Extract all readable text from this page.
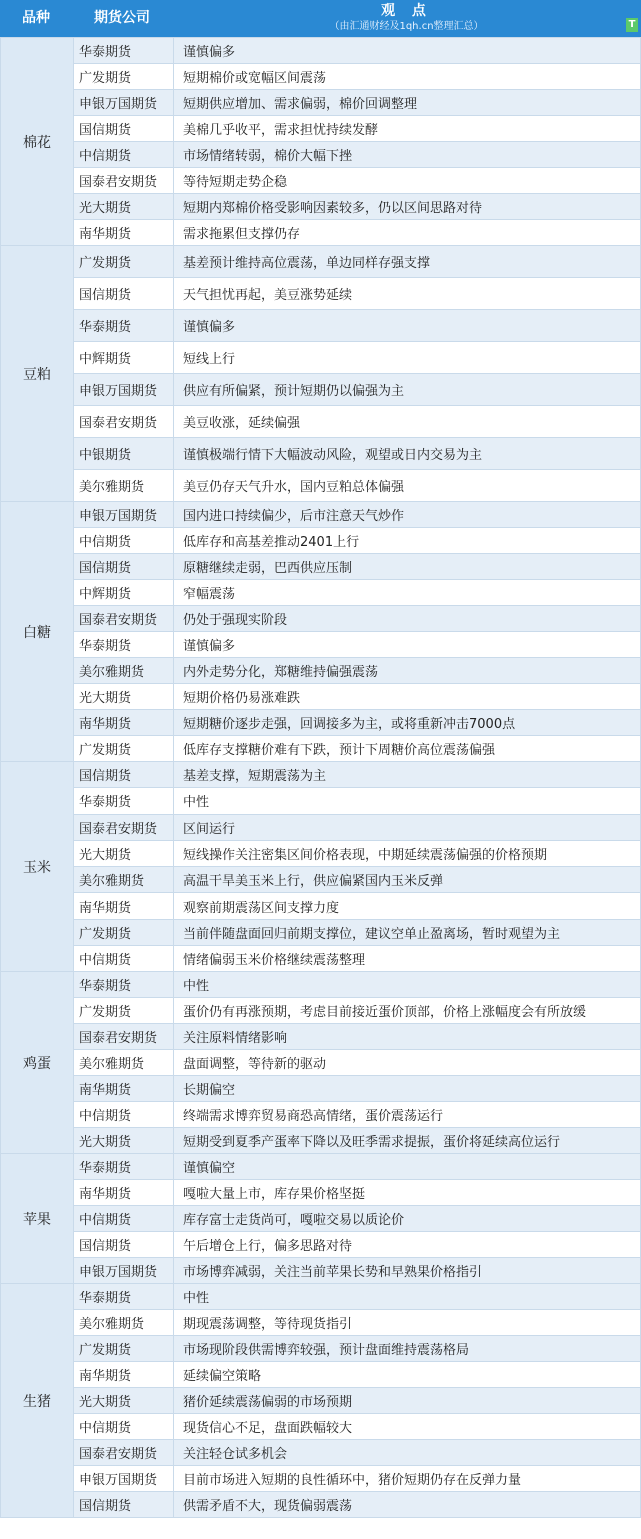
品种	期货公司	观 点
（由汇通财经及1qh.cn整理汇总）	T
棉花	华泰期货	谨慎偏多
	广发期货	短期棉价或宽幅区间震荡
	申银万国期货	短期供应增加、需求偏弱，棉价回调整理
	国信期货	美棉几乎收平，需求担忧持续发酵
	中信期货	市场情绪转弱，棉价大幅下挫
	国泰君安期货	等待短期走势企稳
	光大期货	短期内郑棉价格受影响因素较多，仍以区间思路对待
	南华期货	需求拖累但支撑仍存
豆粕	广发期货	基差预计维持高位震荡，单边同样存强支撑
	国信期货	天气担忧再起，美豆涨势延续
	华泰期货	谨慎偏多
	中辉期货	短线上行
	申银万国期货	供应有所偏紧，预计短期仍以偏强为主
	国泰君安期货	美豆收涨，延续偏强
	中银期货	谨慎极端行情下大幅波动风险，观望或日内交易为主
	美尔雅期货	美豆仍存天气升水，国内豆粕总体偏强
白糖	申银万国期货	国内进口持续偏少，后市注意天气炒作
	中信期货	低库存和高基差推动2401上行
	国信期货	原糖继续走弱，巴西供应压制
	中辉期货	窄幅震荡
	国泰君安期货	仍处于强现实阶段
	华泰期货	谨慎偏多
	美尔雅期货	内外走势分化，郑糖维持偏强震荡
	光大期货	短期价格仍易涨难跌
	南华期货	短期糖价逐步走强，回调接多为主，或将重新冲击7000点
	广发期货	低库存支撑糖价难有下跌，预计下周糖价高位震荡偏强
玉米	国信期货	基差支撑，短期震荡为主
	华泰期货	中性
	国泰君安期货	区间运行
	光大期货	短线操作关注密集区间价格表现，中期延续震荡偏强的价格预期
	美尔雅期货	高温干旱美玉米上行，供应偏紧国内玉米反弹
	南华期货	观察前期震荡区间支撑力度
	广发期货	当前伴随盘面回归前期支撑位，建议空单止盈离场，暂时观望为主
	中信期货	情绪偏弱玉米价格继续震荡整理
鸡蛋	华泰期货	中性
	广发期货	蛋价仍有再涨预期，考虑目前接近蛋价顶部，价格上涨幅度会有所放缓
	国泰君安期货	关注原料情绪影响
	美尔雅期货	盘面调整，等待新的驱动
	南华期货	长期偏空
	中信期货	终端需求博弈贸易商恐高情绪，蛋价震荡运行
	光大期货	短期受到夏季产蛋率下降以及旺季需求提振，蛋价将延续高位运行
苹果	华泰期货	谨慎偏空
	南华期货	嘎啦大量上市，库存果价格坚挺
	中信期货	库存富士走货尚可，嘎啦交易以质论价
	国信期货	午后增仓上行，偏多思路对待
	申银万国期货	市场博弈减弱，关注当前苹果长势和早熟果价格指引
生猪	华泰期货	中性
	美尔雅期货	期现震荡调整，等待现货指引
	广发期货	市场现阶段供需博弈较强，预计盘面维持震荡格局
	南华期货	延续偏空策略
	光大期货	猪价延续震荡偏弱的市场预期
	中信期货	现货信心不足，盘面跌幅较大
	国泰君安期货	关注轻仓试多机会
	申银万国期货	目前市场进入短期的良性循环中，猪价短期仍存在反弹力量
	国信期货	供需矛盾不大，现货偏弱震荡
